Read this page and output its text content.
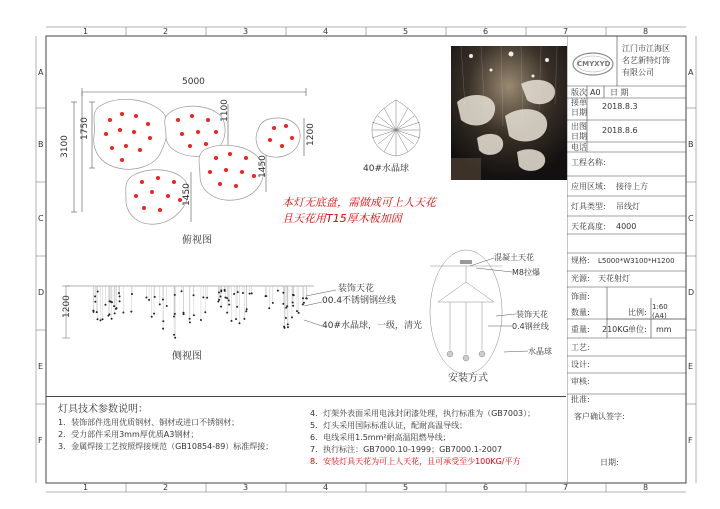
1	2	3	4	5	6	7	8
1	2	3	4	5	6	7	8
A
B
C
D
E
F
A
B
C
D
E
F
5000
3100
1750
1100
1200
1450
1450
俯视图
40#水晶球
本灯无底盘，需做成可上人天花
且天花用T15厚木板加固
1200
装饰天花
00.4不锈钢钢丝线
40#水晶球，一级，清光
侧视图
混凝土天花
M8拉爆
装饰天花
0.4钢丝线
水晶球
安装方式
灯具技术参数说明：
1．装饰部件选用优质钢材、铜材或进口不锈钢材；
2．受力部件采用3mm厚优质A3钢材；
3．金属焊接工艺按照焊接规范（GB10854-89）标准焊接；
4．灯架外表面采用电泳封闭漆处理，执行标准为（GB7003）；
5．灯头采用国际标准认证，配耐高温导线；
6．电线采用1.5mm²耐高温阻燃导线；
7．执行标注：GB7000.10-1999；GB7000.1-2007
8．安装灯具天花为可上人天花，且可承受至少100KG/平方
CMYXYD
江门市江海区
名艺新特灯饰
有限公司
版次 A0 日 期
接单日期
2018.8.3
出图日期
2018.8.6
电话
工程名称:
应用区域: 接待上方
灯具类型: 吊线灯
天花高度: 4000
规格: L5000*W3100*H1200
光源: 天花射灯
饰面:
数量:	比例:
1:60 (A4)
重量: 210KG 单位: mm
工艺:
设计:
审核:
批准:
客户确认签字:
日期:
